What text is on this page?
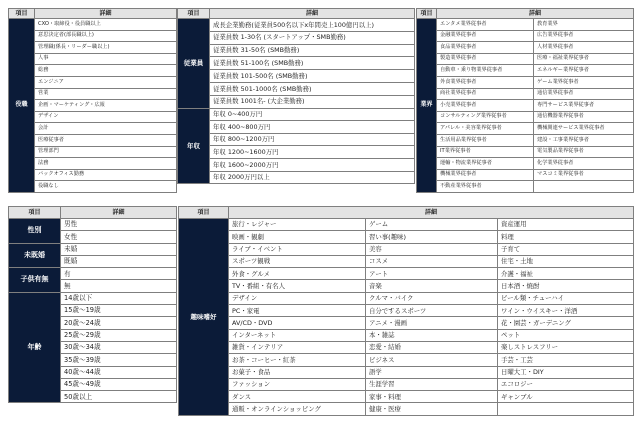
項目	詳細
役職	CXO・取締役・役員職以上
	意思決定者(部長職以上)
	管理職(係長・リーダー職以上)
	人事
	総務
	エンジニア
	営業
	企画・マーケティング・広報
	デザイン
	会計
	医療従事者
	管理部門
	法務
	バックオフィス勤務
	役職なし
項目	詳細
従業員	成長企業勤務(従業員500名以下x年間売上100億円以上)
	従業員数 1-30名 (スタートアップ・SMB勤務)
	従業員数 31-50名 (SMB勤務)
	従業員数 51-100名 (SMB勤務)
	従業員数 101-500名 (SMB勤務)
	従業員数 501-1000名 (SMB勤務)
	従業員数 1001名- (大企業勤務)
年収	年収 0~400万円
	年収 400~800万円
	年収 800~1200万円
	年収 1200~1600万円
	年収 1600~2000万円
	年収 2000万円以上
項目	詳細	
業界	エンタメ業界従事者	教育業界
	金融業界従事者	広告業界従事者
	食品業界従事者	人材業界従事者
	製造業界従事者	医療・福祉業界従事者
	自動車・乗り物業界従事者	エネルギー業界従事者
	外食業界従事者	ゲーム業界従事者
	商社業界従事者	通信業界従事者
	小売業界従事者	専門サービス業界従事者
	コンサルティング業界従事者	通信機器業界従事者
	アパレル・美容業界従事者	機械関連サービス業界従事者
	生活用品業界従事者	建設・工事業界従事者
	IT業界従事者	電気製品業界従事者
	運輸・物流業界従事者	化学業界従事者
	機械業界従事者	マスコミ業界従事者
	不動産業界従事者	
項目	詳細
性別	男性
	女性
未既婚	未婚
	既婚
子供有無	有
	無
年齢	14歳以下
	15歳〜19歳
	20歳〜24歳
	25歳〜29歳
	30歳〜34歳
	35歳〜39歳
	40歳〜44歳
	45歳〜49歳
	50歳以上
項目	詳細		
趣味嗜好	旅行・レジャー	ゲーム	資産運用
	映画・観劇	習い事(趣味)	料理
	ライブ・イベント	美容	子育て
	スポーツ観戦	コスメ	住宅・土地
	外食・グルメ	アート	介護・福祉
	TV・番組・有名人	音楽	日本酒・焼酎
	デザイン	クルマ・バイク	ビール類・チューハイ
	PC・家電	自分でするスポーツ	ワイン・ウイスキー・洋酒
	AV/CD・DVD	アニメ・漫画	花・園芸・ガーデニング
	インターネット	本・雑誌	ペット
	雑貨・インテリア	恋愛・結婚	楽しストレスフリー
	お茶・コーヒー・紅茶	ビジネス	手芸・工芸
	お菓子・食品	語学	日曜大工・DIY
	ファッション	生涯学習	エコロジー
	ダンス	家事・料理	ギャンブル
	通販・オンラインショッピング	健康・医療	
